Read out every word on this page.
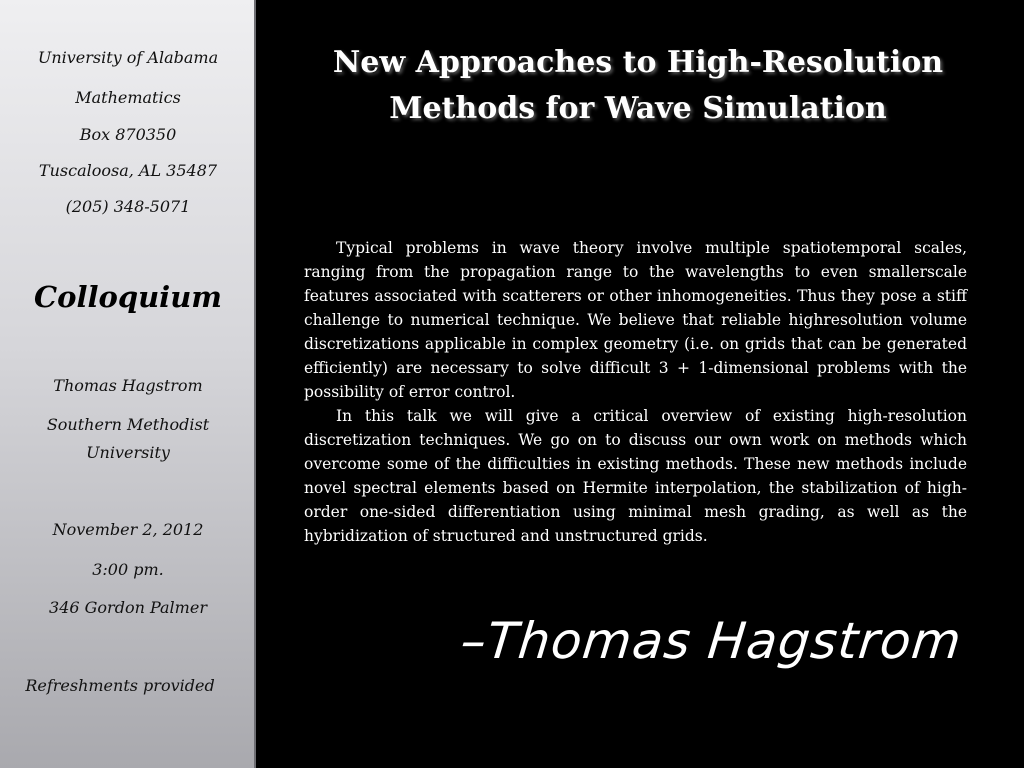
University of Alabama
Mathematics
Box 870350
Tuscaloosa, AL 35487
(205) 348-5071
Colloquium
Thomas Hagstrom
Southern Methodist
University
November 2, 2012
3:00 pm.
346 Gordon Palmer
Refreshments provided
New Approaches to High-Resolution
Methods for Wave Simulation

Typical problems in wave theory involve multiple spatiotemporal scales, ranging from the propagation range to the wavelengths to even smallerscale features associated with scatterers or other inhomogeneities. Thus they pose a stiff challenge to numerical technique. We believe that reliable highresolution volume discretizations applicable in complex geometry (i.e. on grids that can be generated efficiently) are necessary to solve difficult 3 + 1-dimensional problems with the possibility of error control.

In this talk we will give a critical overview of existing high-resolution discretization techniques. We go on to discuss our own work on methods which overcome some of the difficulties in existing methods. These new methods include novel spectral elements based on Hermite interpolation, the stabilization of high-order one-sided differentiation using minimal mesh grading, as well as the hybridization of structured and unstructured grids.

–Thomas Hagstrom
